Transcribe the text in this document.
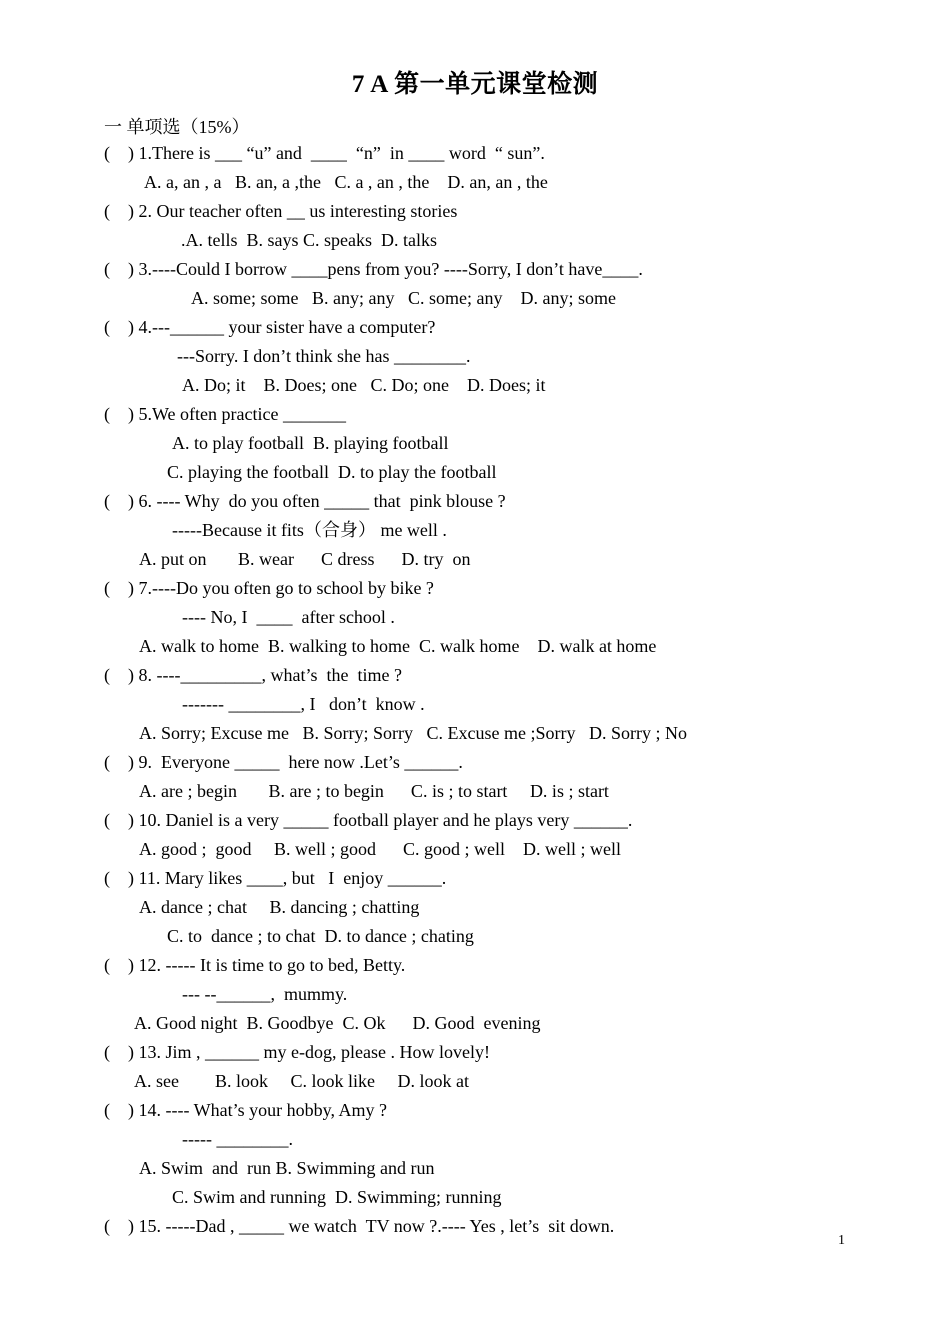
7 A 第一单元课堂检测
一 单项选（15%）
(    ) 1.There is ___ “u” and  ____  “n”  in ____ word  “ sun”.
A. a, an , a   B. an, a ,the   C. a , an , the    D. an, an , the
(    ) 2. Our teacher often __ us interesting stories
.A. tells  B. says C. speaks  D. talks
(    ) 3.----Could I borrow ____pens from you? ----Sorry, I don’t have____.
A. some; some   B. any; any   C. some; any    D. any; some
(    ) 4.---______ your sister have a computer?
---Sorry. I don’t think she has ________.
A. Do; it    B. Does; one   C. Do; one    D. Does; it
(    ) 5.We often practice _______
A. to play football  B. playing football
C. playing the football  D. to play the football
(    ) 6. ---- Why  do you often _____ that  pink blouse ?
-----Because it fits（合身） me well .
A. put on       B. wear      C dress      D. try  on
(    ) 7.----Do you often go to school by bike ?
---- No, I  ____  after school .
A. walk to home  B. walking to home  C. walk home    D. walk at home
(    ) 8. ----_________, what’s  the  time ?
------- ________, I   don’t  know .
A. Sorry; Excuse me   B. Sorry; Sorry   C. Excuse me ;Sorry   D. Sorry ; No
(    ) 9.  Everyone _____  here now .Let’s ______.
A. are ; begin       B. are ; to begin      C. is ; to start     D. is ; start
(    ) 10. Daniel is a very _____ football player and he plays very ______.
A. good ;  good     B. well ; good      C. good ; well    D. well ; well
(    ) 11. Mary likes ____, but   I  enjoy ______.
A. dance ; chat     B. dancing ; chatting
C. to  dance ; to chat  D. to dance ; chating
(    ) 12. ----- It is time to go to bed, Betty.
--- --______,  mummy.
A. Good night  B. Goodbye  C. Ok      D. Good  evening
(    ) 13. Jim , ______ my e-dog, please . How lovely!
A. see        B. look     C. look like     D. look at
(    ) 14. ---- What’s your hobby, Amy ?
----- ________.
A. Swim  and  run B. Swimming and run
C. Swim and running  D. Swimming; running
(    ) 15. -----Dad , _____ we watch  TV now ?.---- Yes , let’s  sit down.
1
